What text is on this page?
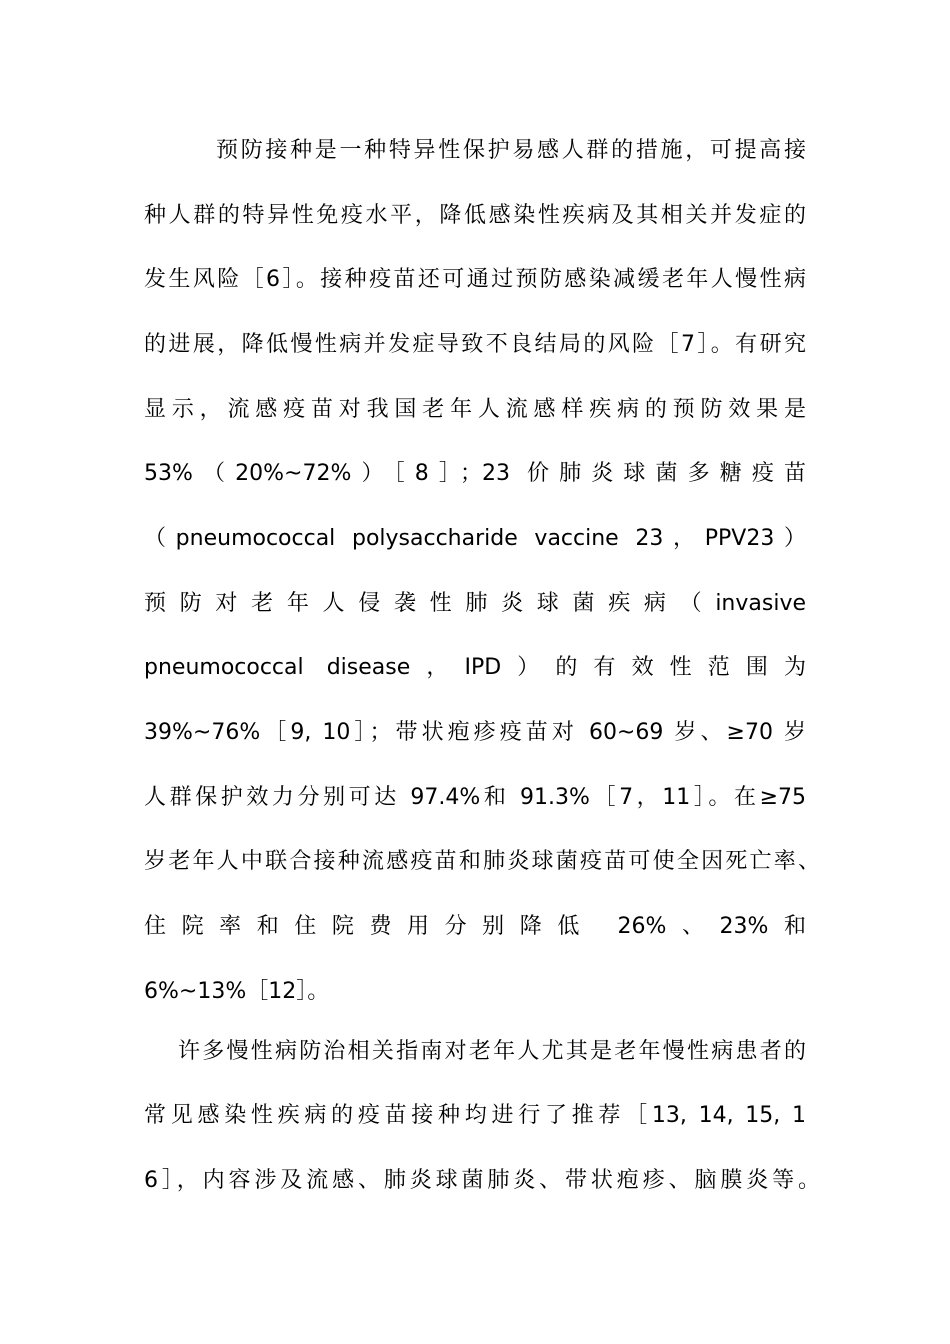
预防接种是一种特异性保护易感人群的措施，可提高接
种人群的特异性免疫水平，降低感染性疾病及其相关并发症的
发生风险［6］。接种疫苗还可通过预防感染减缓老年人慢性病
的进展，降低慢性病并发症导致不良结局的风险［7］。有研究
显示，流感疫苗对我国老年人流感样疾病的预防效果是
53%（20%~72%）［8］；23 价肺炎球菌多糖疫苗
（pneumococcal polysaccharide vaccine 23，PPV23）
预防对老年人侵袭性肺炎球菌疾病（invasive
pneumococcal disease，IPD）的有效性范围为
39%~76%［9, 10］；带状疱疹疫苗对 60~69 岁、≥70 岁
人群保护效力分别可达 97.4%和 91.3%［7，11］。在≥75
岁老年人中联合接种流感疫苗和肺炎球菌疫苗可使全因死亡率、
住院率和住院费用分别降低 26%、23%和
6%~13%［12］。
许多慢性病防治相关指南对老年人尤其是老年慢性病患者的
常见感染性疾病的疫苗接种均进行了推荐［13, 14, 15, 1
6］，内容涉及流感、肺炎球菌肺炎、带状疱疹、脑膜炎等。
